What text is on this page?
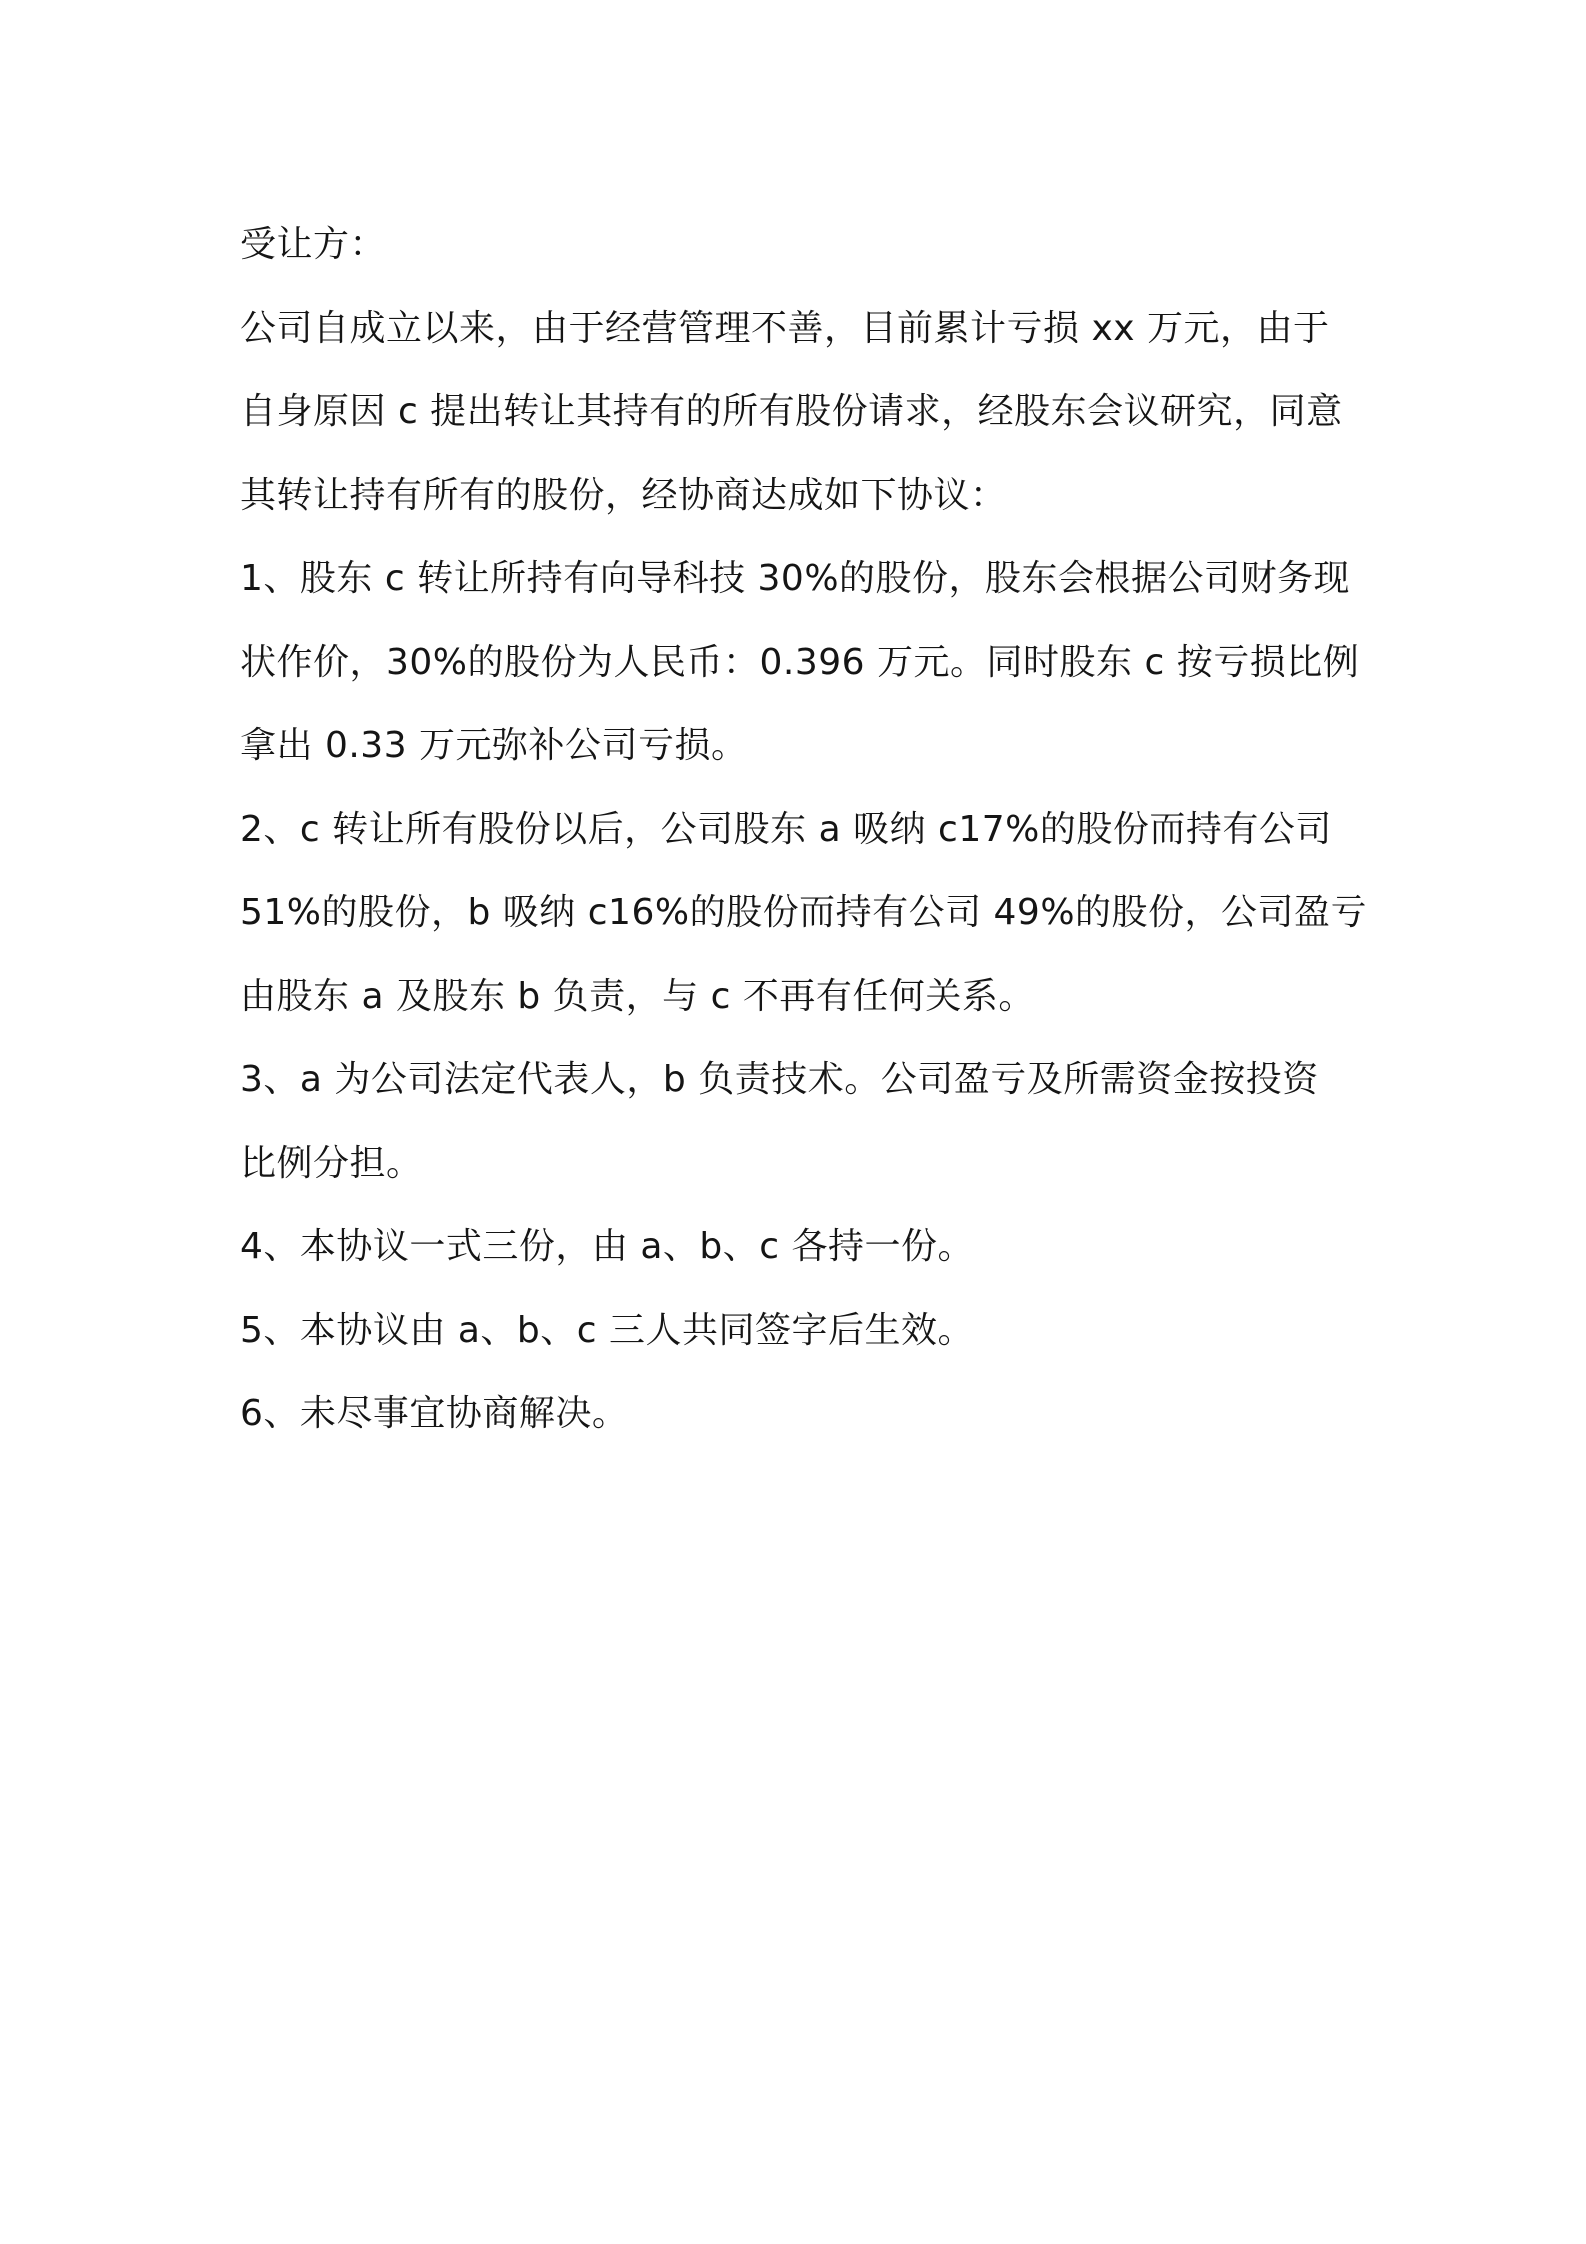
受让方：

公司自成立以来，由于经营管理不善，目前累计亏损 xx 万元，由于
自身原因 c 提出转让其持有的所有股份请求，经股东会议研究，同意
其转让持有所有的股份，经协商达成如下协议：

1、股东 c 转让所持有向导科技 30%的股份，股东会根据公司财务现
状作价，30%的股份为人民币：0.396 万元。同时股东 c 按亏损比例
拿出 0.33 万元弥补公司亏损。

2、c 转让所有股份以后，公司股东 a 吸纳 c17%的股份而持有公司
51%的股份，b 吸纳 c16%的股份而持有公司 49%的股份，公司盈亏
由股东 a 及股东 b 负责，与 c 不再有任何关系。

3、a 为公司法定代表人，b 负责技术。公司盈亏及所需资金按投资
比例分担。

4、本协议一式三份，由 a、b、c 各持一份。

5、本协议由 a、b、c 三人共同签字后生效。

6、未尽事宜协商解决。
